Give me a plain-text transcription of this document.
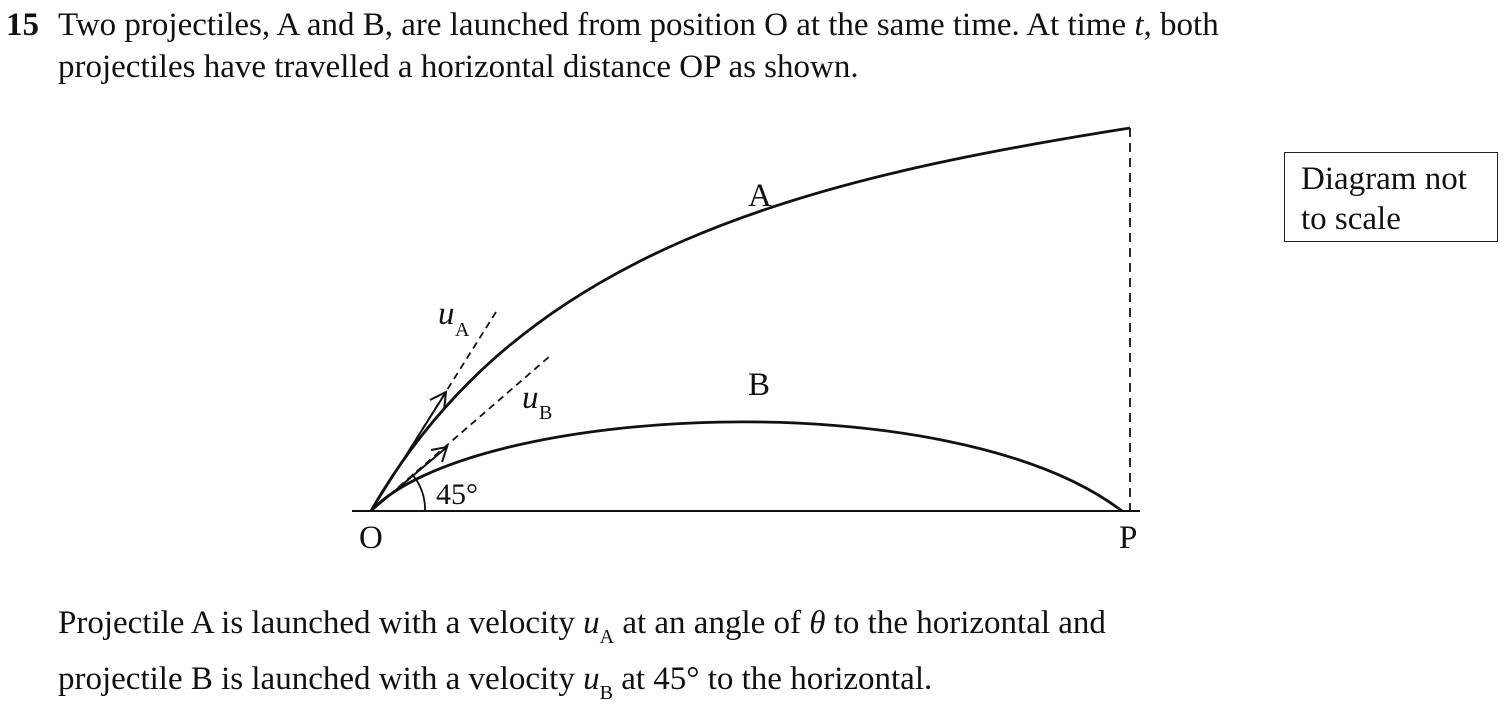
15 Two projectiles, A and B, are launched from position O at the same time. At time t, both
projectiles have travelled a horizontal distance OP as shown.
Diagram not
to scale
A
B
O	P
45°
u A
u B
Projectile A is launched with a velocity $u_A$ at an angle of θ to the horizontal and
projectile B is launched with a velocity $u_B$ at 45° to the horizontal.
